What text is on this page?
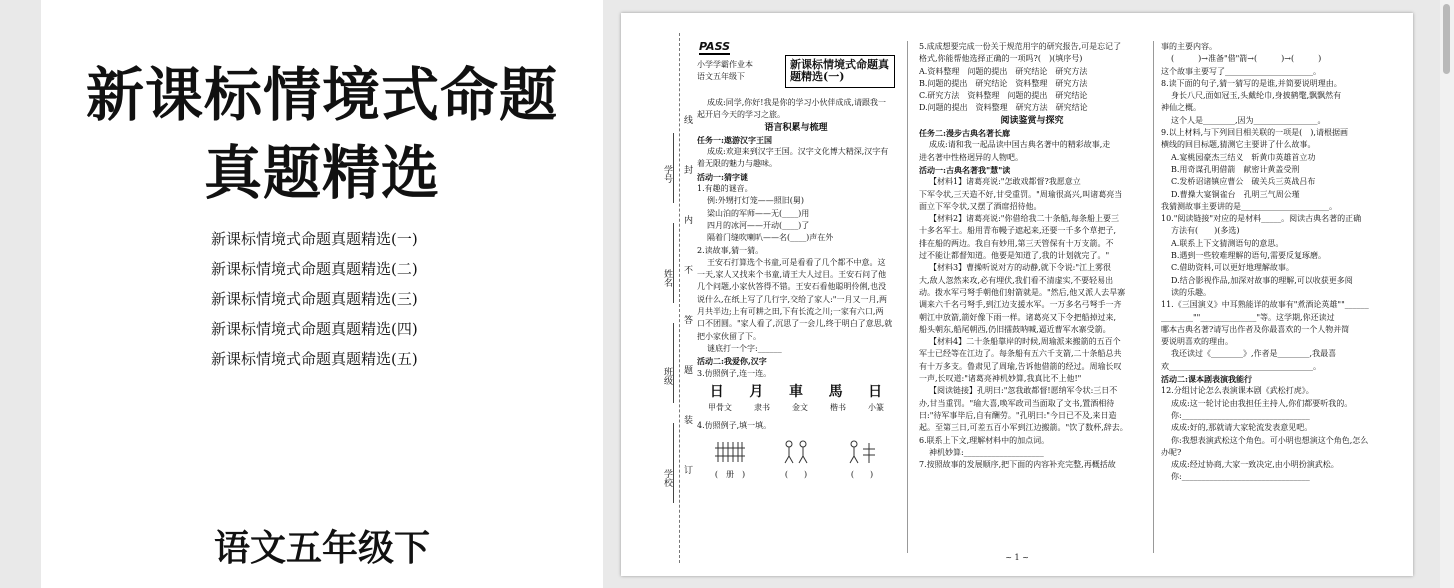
新课标情境式命题
真题精选
新课标情境式命题真题精选(一)
新课标情境式命题真题精选(二)
新课标情境式命题真题精选(三)
新课标情境式命题真题精选(四)
新课标情境式命题真题精选(五)
语文五年级下
学号
姓名
班级
学校
线
封
内
不
答
题
装
订
PASS
小学学霸作业本
语文五年级下
新课标情境式命题真题精选(一)

成成:同学,你好!我是你的学习小伙伴成成,请跟我一

起开启今天的学习之旅。

语言积累与梳理

任务一:遨游汉字王国

成成:欢迎来到汉字王国。汉字文化博大精深,汉字有

着无限的魅力与趣味。

活动一:猜字谜

1.有趣的谜音。

例:外甥打灯笼——照旧(舅)

梁山泊的军师——无(____)用

四月的冰河——开动(____)了

隔着门缝吹喇叭——名(____)声在外

2.读故事,猜一猜。

王安石打算选个书童,可是看看了几个都不中意。这

一天,家人又找来个书童,请王大人过目。王安石问了他

几个问题,小家伙答得不错。王安石看他聪明伶俐,也没

说什么,在纸上写了几行字,交给了家人:"一月又一月,两

月共半边;上有可耕之田,下有长流之川;一家有六口,两

口不团圆。"家人看了,沉思了一会儿,终于明白了意思,就

把小家伙留了下。

谜底打一个字:______

活动二:我爱你,汉字

3.仿照例子,连一连。

日 月 車 馬 日
甲骨文	隶书	金文	楷书	小篆

4.仿照例子,填一填。

(　册　)	(　　)	(　　)

5.成成想要完成一份关于规范用字的研究报告,可是忘记了

格式,你能帮他选择正确的一项吗?(　)(填序号)

A.资料整理　问题的提出　研究结论　研究方法

B.问题的提出　研究结论　资料整理　研究方法

C.研究方法　资料整理　问题的提出　研究结论

D.问题的提出　资料整理　研究方法　研究结论

阅读鉴赏与探究

任务二:漫步古典名著长廊

成成:请和我一起品读中国古典名著中的精彩故事,走

进名著中性格迥异的人物吧。

活动一:古典名著我"慧"读

【材料1】诸葛亮说:"怎敢戏都督?我愿意立

下军令状,三天造不好,甘受重罚。"周瑜很高兴,叫诸葛亮当

面立下军令状,又摆了酒席招待他。

【材料2】诸葛亮说:"你借给我二十条船,每条船上要三

十多名军士。船用青布幔子遮起来,还要一千多个草把子,

排在船的两边。我自有妙用,第三天管保有十万支箭。不

过不能让都督知道。他要是知道了,我的计划就完了。"

【材料3】曹操听说对方的动静,就下令说:"江上雾很

大,敌人忽然来攻,必有埋伏,我们看不清虚实,不要轻易出

动。拨水军弓弩手朝他们射箭就是。"然后,他又派人去旱寨

调来六千名弓弩手,到江边支援水军。一万多名弓弩手一齐

朝江中放箭,箭好像下雨一样。诸葛亮又下令把船掉过来,

船头朝东,船尾朝西,仍旧擂鼓呐喊,逼近曹军水寨受箭。

【材料4】二十条船靠岸的时候,周瑜派来搬箭的五百个

军士已经等在江边了。每条船有五六千支箭,二十条船总共

有十万多支。鲁肃见了周瑜,告诉他借箭的经过。周瑜长叹

一声,长叹道:"诸葛亮神机妙算,我真比不上他!"

【阅读链接】孔明曰:"忽我敢都督!愿纳军令状:三日不

办,甘当重罚。"瑜大喜,唤军政司当面取了文书,置酒相待

曰:"待军事毕后,自有酬劳。"孔明曰:"今日已不及,来日造

起。至第三日,可差五百小军到江边搬箭。"饮了数杯,辞去。

6.联系上下文,理解材料中的加点词。

神机妙算:____________________

7.按照故事的发展顺序,把下面的内容补充完整,再概括故

事的主要内容。

(　　　)→准备"借"箭→(　　　)→(　　　)

这个故事主要写了______________________。

8.读下面的句子,猜一猜写的是谁,并简要说明理由。

身长八尺,面如冠玉,头戴纶巾,身披鹤氅,飘飘然有

神仙之概。

这个人是________,因为________________。

9.以上材料,与下列回目相关联的一项是(　),请根据画

横线的回目标题,猜测它主要讲了什么故事。

A.宴桃园豪杰三结义　斩黄巾英雄首立功

B.用奇谋孔明借箭　献密计黄盖受刑

C.发桥诏诸镇应曹公　破关兵三英战吕布

D.曹操大宴铜雀台　孔明三气周公瑾

我猜测故事主要讲的是______________________。

10."阅读链接"对应的是材料_____。阅读古典名著的正确

方法有(　　)(多选)

A.联系上下文猜测语句的意思。

B.遇到一些较难理解的语句,需要反复琢磨。

C.借助资料,可以更好地理解故事。

D.结合影视作品,加深对故事的理解,可以收获更多阅

读的乐趣。

11.《三国演义》中耳熟能详的故事有"煮酒论英雄""______

________""______________"等。这学期,你还读过

哪本古典名著?请写出作者及你最喜欢的一个人物并简

要说明喜欢的理由。

我还读过《________》,作者是________,我最喜

欢____________________________________。

活动二:课本剧表演我能行

12.分组讨论怎么表演课本剧《武松打虎》。

成成:这一轮讨论由我担任主持人,你们都要听我的。

你:________________________________

成成:好的,那就请大家轮流发表意见吧。

你:我想表演武松这个角色。可小明也想演这个角色,怎么

办呢?

成成:经过协商,大家一致决定,由小明扮演武松。

你:________________________________

~ 1 ~
